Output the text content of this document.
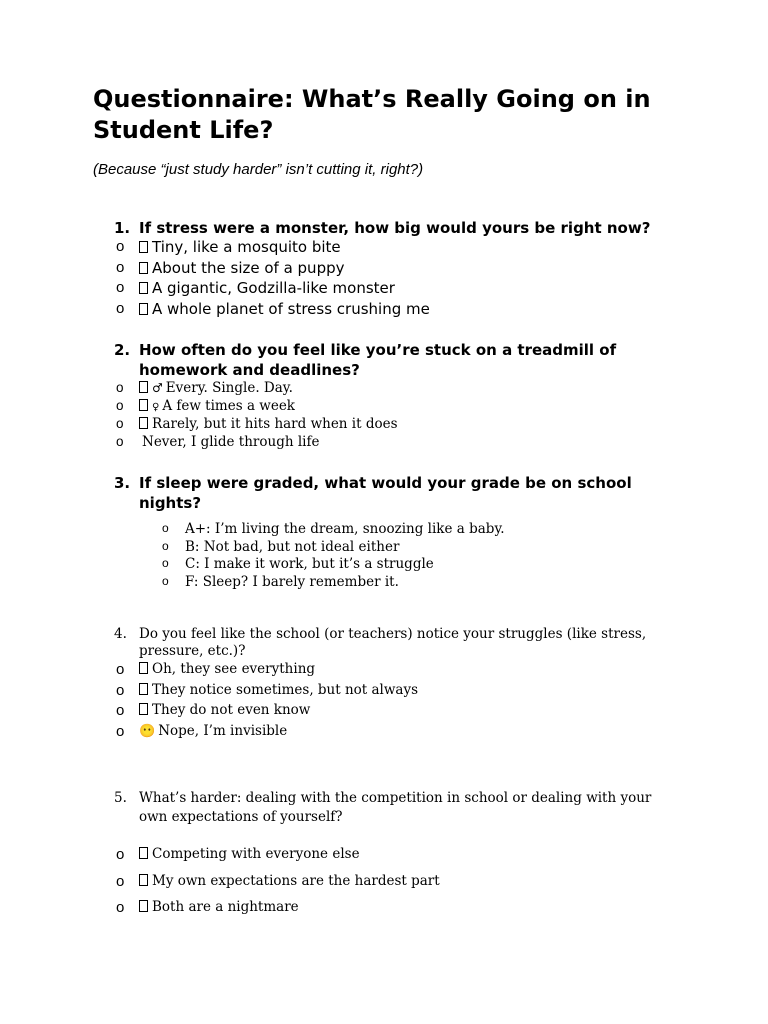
Questionnaire: What’s Really Going on in Student Life?

(Because “just study harder” isn’t cutting it, right?)

1. If stress were a monster, how big would yours be right now?
o	Tiny, like a mosquito bite
o	About the size of a puppy
o	A gigantic, Godzilla-like monster
o	A whole planet of stress crushing me
2. How often do you feel like you’re stuck on a treadmill of homework and deadlines?
o	♂ Every. Single. Day.
o	♀ A few times a week
o	Rarely, but it hits hard when it does
o Never, I glide through life
3. If sleep were graded, what would your grade be on school nights?
o A+: I’m living the dream, snoozing like a baby.
o B: Not bad, but not ideal either
o C: I make it work, but it’s a struggle
o F: Sleep? I barely remember it.
4. Do you feel like the school (or teachers) notice your struggles (like stress, pressure, etc.)?
o	Oh, they see everything
o	They notice sometimes, but not always
o	They do not even know
o 😶 Nope, I’m invisible
5. What’s harder: dealing with the competition in school or dealing with your own expectations of yourself?
o	Competing with everyone else
o	My own expectations are the hardest part
o	Both are a nightmare
